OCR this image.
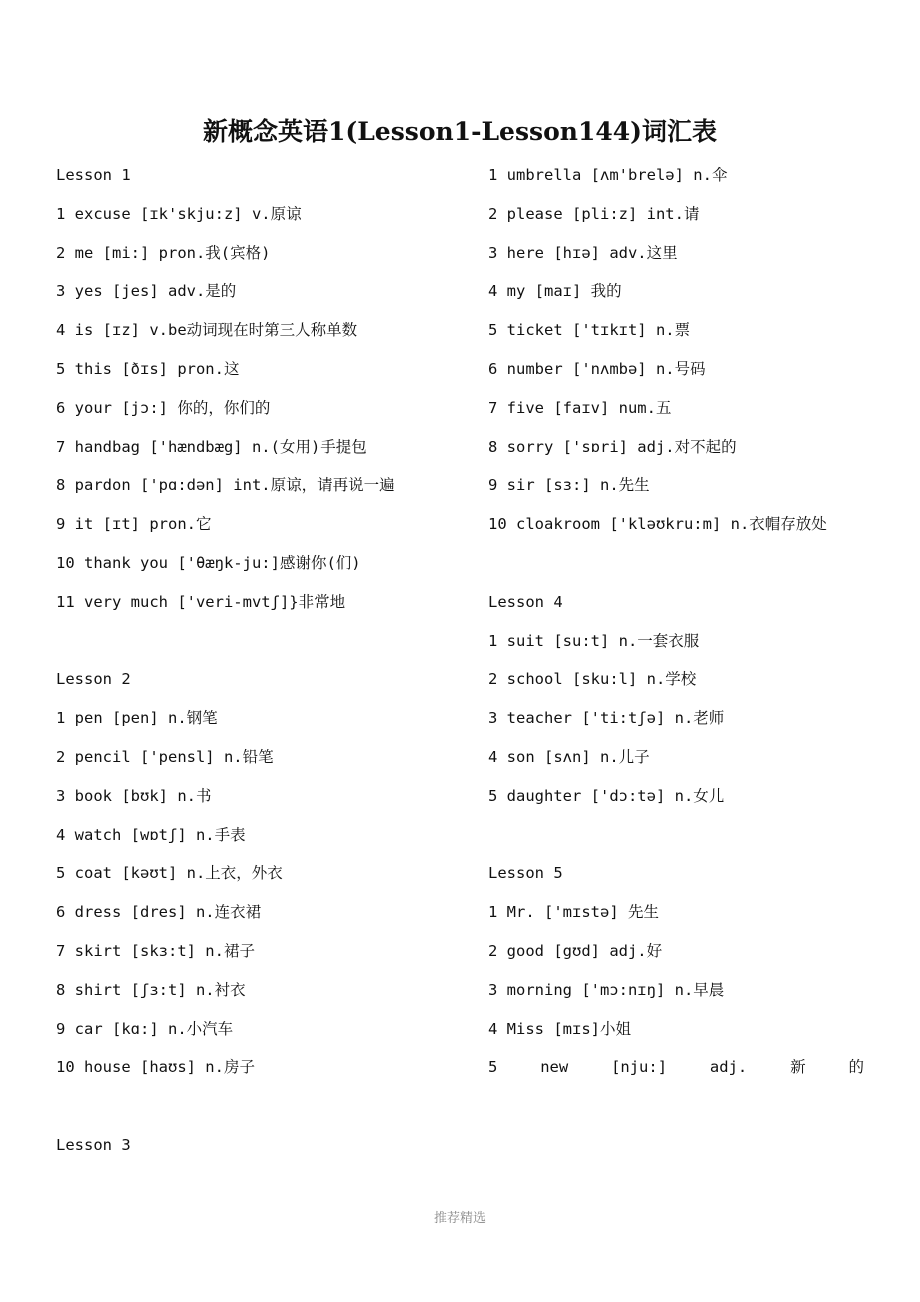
新概念英语1(Lesson1-Lesson144)词汇表
Lesson 1
1 excuse [ɪk'skju:z] v.原谅
2 me [mi:] pron.我(宾格)
3 yes [jes] adv.是的
4 is [ɪz] v.be动词现在时第三人称单数
5 this [ðɪs] pron.这
6 your [jɔ:] 你的，你们的
7 handbag ['hændbæg] n.(女用)手提包
8 pardon ['pɑ:dən] int.原谅，请再说一遍
9 it [ɪt] pron.它
10 thank you ['θæŋk-ju:]感谢你(们)
11 very much ['veri-mvtʃ]}非常地
Lesson 2
1 pen [pen] n.钢笔
2 pencil ['pensl] n.铅笔
3 book [bʊk] n.书
4 watch [wɒtʃ] n.手表
5 coat [kəʊt] n.上衣，外衣
6 dress [dres] n.连衣裙
7 skirt [skɜ:t] n.裙子
8 shirt [ʃɜ:t] n.衬衣
9 car [kɑ:] n.小汽车
10 house [haʊs] n.房子
Lesson 3
1 umbrella [ʌm'brelə] n.伞
2 please [pli:z] int.请
3 here [hɪə] adv.这里
4 my [maɪ] 我的
5 ticket ['tɪkɪt] n.票
6 number ['nʌmbə] n.号码
7 five [faɪv] num.五
8 sorry ['sɒri] adj.对不起的
9 sir [sɜ:] n.先生
10 cloakroom ['kləʊkru:m] n.衣帽存放处
Lesson 4
1 suit [su:t] n.一套衣服
2 school [sku:l] n.学校
3 teacher ['ti:tʃə] n.老师
4 son [sʌn] n.儿子
5 daughter ['dɔ:tə] n.女儿
Lesson 5
1 Mr. ['mɪstə] 先生
2 good [gʊd] adj.好
3 morning ['mɔ:nɪŋ] n.早晨
4 Miss [mɪs]小姐
5	new	[nju:]	adj.	新	的
推荐精选
